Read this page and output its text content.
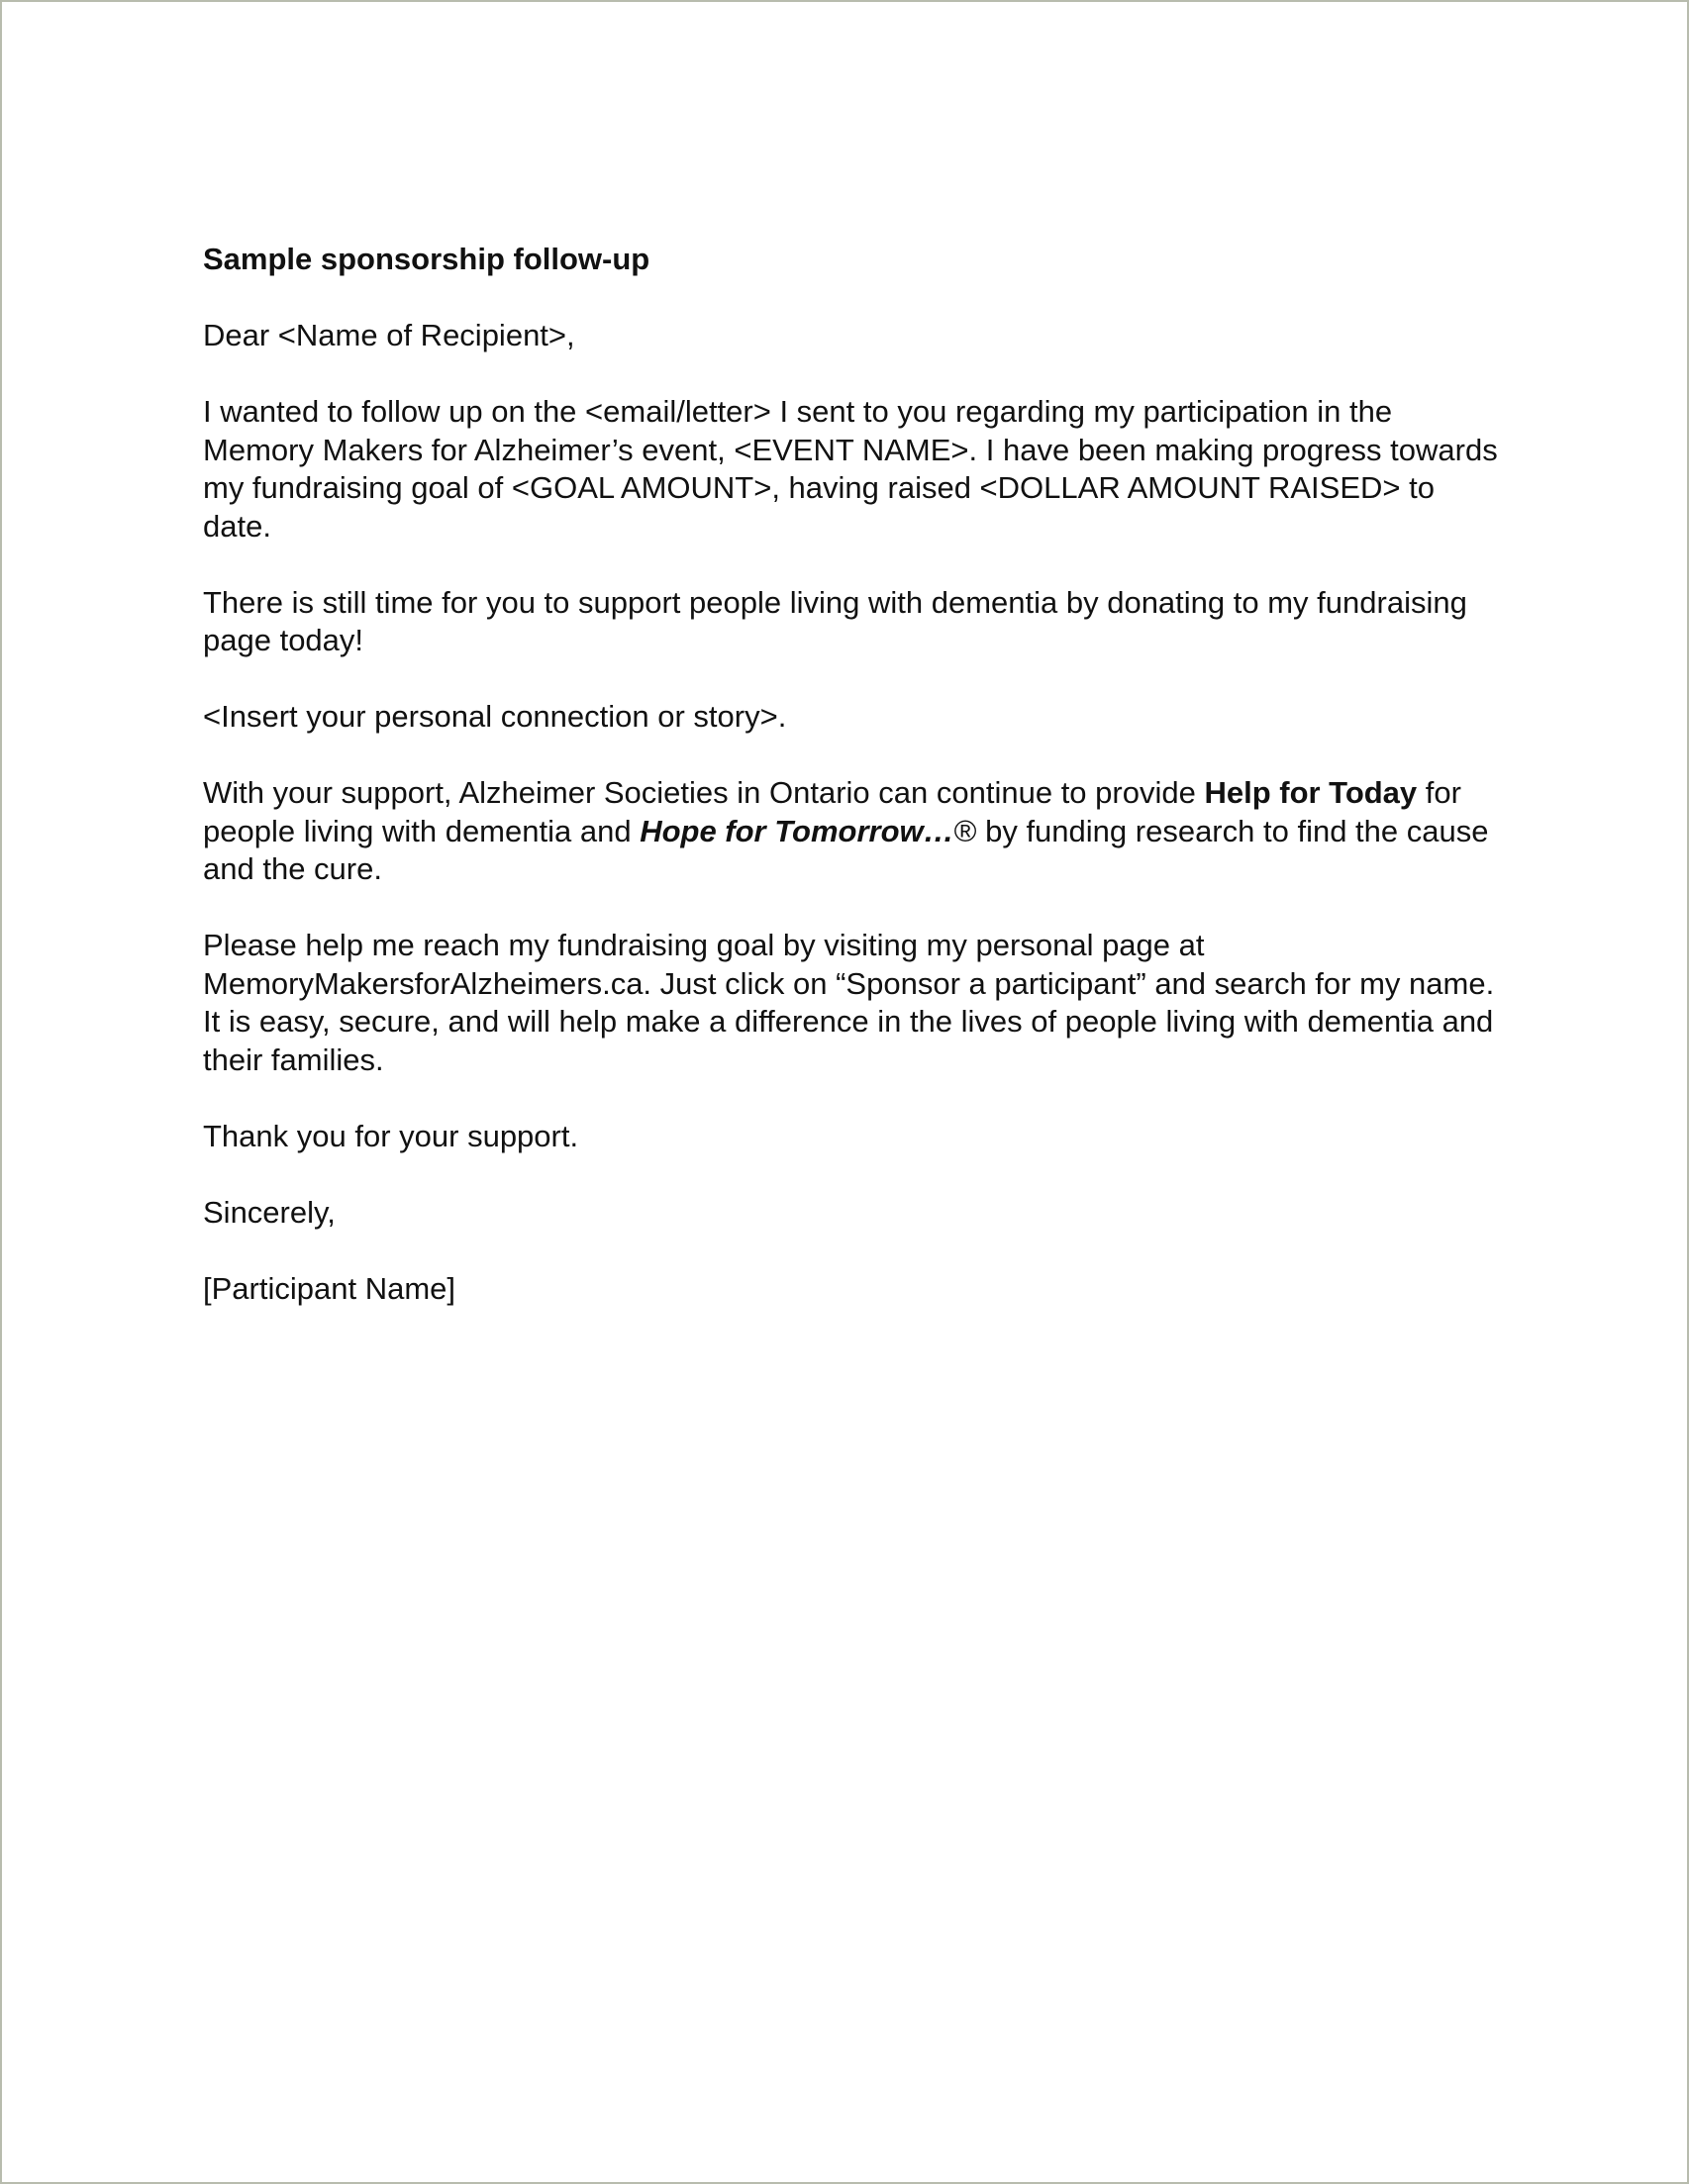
Sample sponsorship follow-up

Dear <Name of Recipient>,

I wanted to follow up on the <email/letter> I sent to you regarding my participation in the Memory Makers for Alzheimer’s event, <EVENT NAME>. I have been making progress towards my fundraising goal of <GOAL AMOUNT>, having raised <DOLLAR AMOUNT RAISED> to date.

There is still time for you to support people living with dementia by donating to my fundraising page today!

<Insert your personal connection or story>.

With your support, Alzheimer Societies in Ontario can continue to provide Help for Today for people living with dementia and Hope for Tomorrow…® by funding research to find the cause and the cure.

Please help me reach my fundraising goal by visiting my personal page at MemoryMakersforAlzheimers.ca. Just click on “Sponsor a participant” and search for my name. It is easy, secure, and will help make a difference in the lives of people living with dementia and their families.

Thank you for your support.

Sincerely,

[Participant Name]
